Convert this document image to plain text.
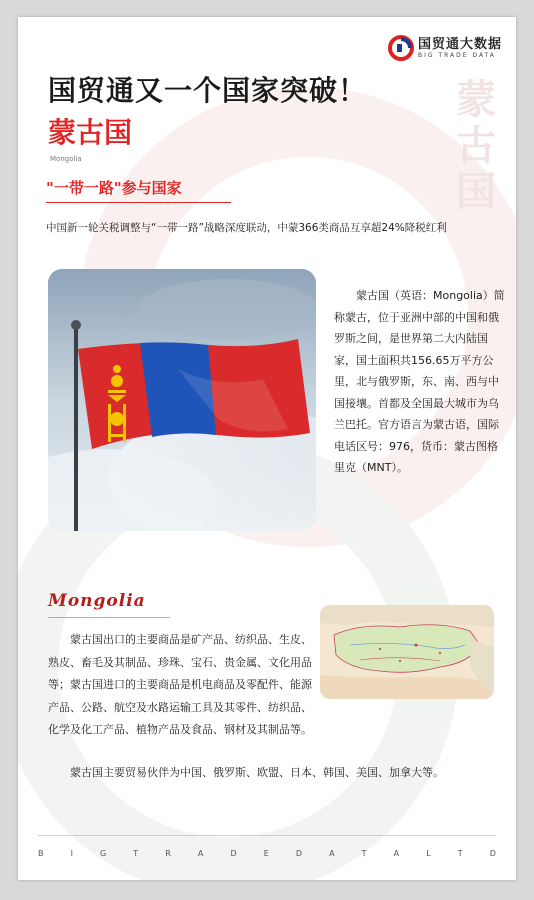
蒙古国
国贸通大数据
BIG TRADE DATA
国贸通又一个国家突破！
蒙古国
Mongolia
"一带一路"参与国家
中国新一轮关税调整与“一带一路”战略深度联动，中蒙366类商品互享超24%降税红利
蒙古国（英语：Mongolia）简称蒙古，位于亚洲中部的中国和俄罗斯之间，是世界第二大内陆国家，国土面积共156.65万平方公里，北与俄罗斯，东、南、西与中国接壤。首都及全国最大城市为乌兰巴托。官方语言为蒙古语，国际电话区号：976，货币：蒙古图格里克（MNT）。
Mongolia
蒙古国出口的主要商品是矿产品、纺织品、生皮、熟皮、畜毛及其制品、珍珠、宝石、贵金属、文化用品等；蒙古国进口的主要商品是机电商品及零配件、能源产品、公路、航空及水路运输工具及其零件、纺织品、化学及化工产品、植物产品及食品、钢材及其制品等。
蒙古国主要贸易伙伴为中国、俄罗斯、欧盟、日本、韩国、美国、加拿大等。
B	I	G	T	R	A	D	E	D	A	T	A	L	T	D
